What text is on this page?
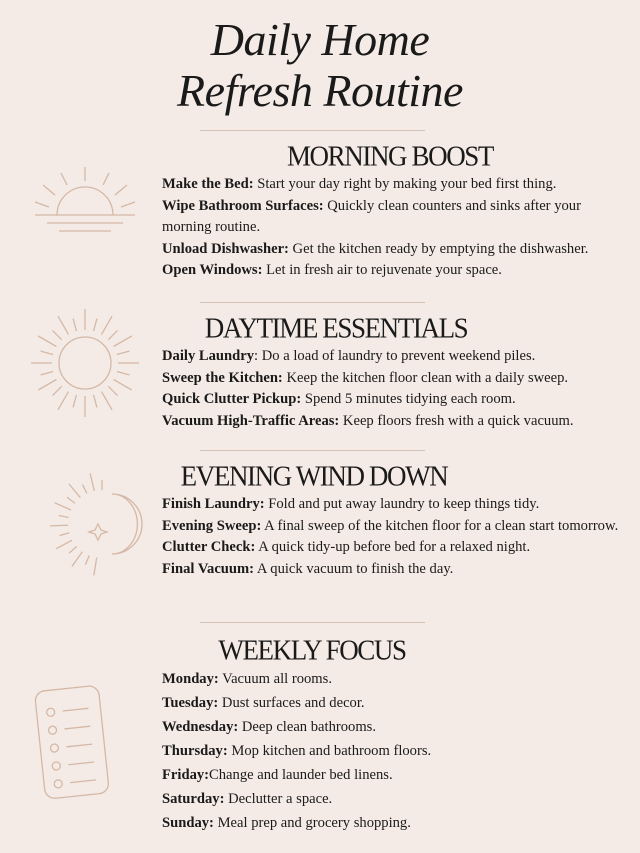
Daily Home
Refresh Routine
MORNING BOOST

Make the Bed: Start your day right by making your bed first thing.

Wipe Bathroom Surfaces: Quickly clean counters and sinks after your morning routine.

Unload Dishwasher: Get the kitchen ready by emptying the dishwasher.

Open Windows: Let in fresh air to rejuvenate your space.

DAYTIME ESSENTIALS

Daily Laundry: Do a load of laundry to prevent weekend piles.

Sweep the Kitchen: Keep the kitchen floor clean with a daily sweep.

Quick Clutter Pickup: Spend 5 minutes tidying each room.

Vacuum High-Traffic Areas: Keep floors fresh with a quick vacuum.

EVENING WIND DOWN

Finish Laundry: Fold and put away laundry to keep things tidy.

Evening Sweep: A final sweep of the kitchen floor for a clean start tomorrow.

Clutter Check: A quick tidy-up before bed for a relaxed night.

Final Vacuum: A quick vacuum to finish the day.

WEEKLY FOCUS

Monday: Vacuum all rooms.

Tuesday: Dust surfaces and decor.

Wednesday: Deep clean bathrooms.

Thursday: Mop kitchen and bathroom floors.

Friday:Change and launder bed linens.

Saturday: Declutter a space.

Sunday: Meal prep and grocery shopping.
